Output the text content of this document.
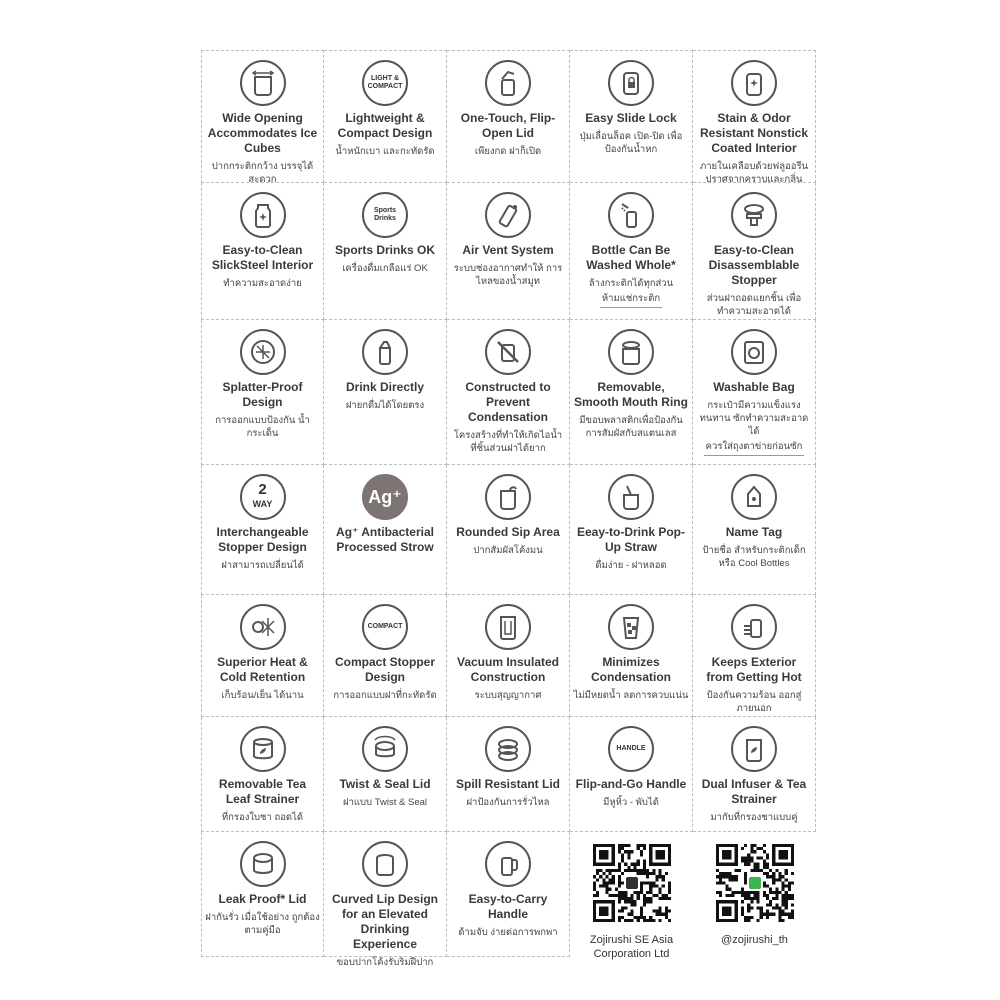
Wide Opening Accommodates Ice Cubes
ปากกระติกกว้าง บรรจุได้สะดวก
LIGHT & COMPACT
Lightweight & Compact Design
น้ำหนักเบา และกะทัดรัด
One-Touch, Flip-Open Lid
เพียงกด ฝาก็เปิด
Easy Slide Lock
ปุ่มเลื่อนล็อค เปิด-ปิด เพื่อป้องกันน้ำหก
Stain & Odor Resistant Nonstick Coated Interior
ภายในเคลือบด้วยฟลูออรีน ปราศจากคราบและกลิ่น
Easy-to-Clean SlickSteel Interior
ทำความสะอาดง่าย
Sports Drinks
Sports Drinks OK
เครื่องดื่มเกลือแร่ OK
Air Vent System
ระบบช่องอากาศทำให้ การไหลของน้ำสมูท
Bottle Can Be Washed Whole*
ล้างกระติกได้ทุกส่วน
ห้ามแช่กระติก
Easy-to-Clean Disassemblable Stopper
ส่วนฝาถอดแยกชิ้น เพื่อทำความสะอาดได้
Splatter-Proof Design
การออกแบบป้องกัน น้ำกระเด็น
Drink Directly
ฝายกดื่มได้โดยตรง
Constructed to Prevent Condensation
โครงสร้างที่ทำให้เกิดไอน้ำ ที่ชิ้นส่วนฝาได้ยาก
Removable, Smooth Mouth Ring
มีขอบพลาสติกเพื่อป้องกัน การสัมผัสกับสแตนเลส
Washable Bag
กระเป๋ามีความแข็งแรง ทนทาน ซักทำความสะอาดได้
ควรใส่ถุงตาข่ายก่อนซัก
2
WAY
Interchangeable Stopper Design
ฝาสามารถเปลี่ยนได้
Ag⁺
Ag⁺ Antibacterial Processed Strow
Rounded Sip Area
ปากสัมผัสโค้งมน
Eeay-to-Drink Pop-Up Straw
ดื่มง่าย - ฝาหลอด
Name Tag
ป้ายชื่อ สำหรับกระติกเด็ก หรือ Cool Bottles
Superior Heat & Cold Retention
เก็บร้อน/เย็น ได้นาน
COMPACT
Compact Stopper Design
การออกแบบฝาที่กะทัดรัด
Vacuum Insulated Construction
ระบบสุญญากาศ
Minimizes Condensation
ไม่มีหยดน้ำ ลดการควบแน่น
Keeps Exterior from Getting Hot
ป้องกันความร้อน ออกสู่ภายนอก
Removable Tea Leaf Strainer
ที่กรองใบชา ถอดได้
Twist & Seal Lid
ฝาแบบ Twist & Seal
Spill Resistant Lid
ฝาป้องกันการรั่วไหล
HANDLE
Flip-and-Go Handle
มีหูหิ้ว - พับได้
Dual Infuser & Tea Strainer
มากับที่กรองชาแบบคู่
Leak Proof* Lid
ฝากันรั่ว เมื่อใช้อย่าง ถูกต้องตามคู่มือ
Curved Lip Design for an Elevated Drinking Experience
ขอบปากโค้งรับริมฝีปาก
Easy-to-Carry Handle
ด้ามจับ ง่ายต่อการพกพา
Zojirushi SE Asia Corporation Ltd
@zojirushi_th
